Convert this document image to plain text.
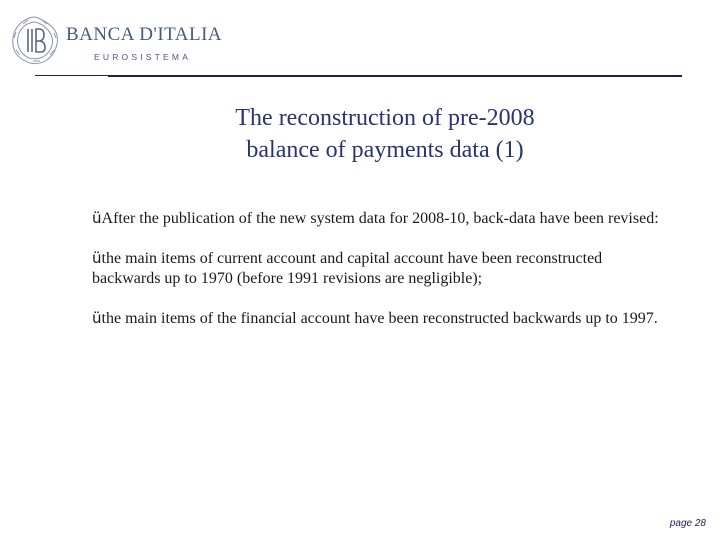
BANCA D'ITALIA
EUROSISTEMA
The reconstruction of pre-2008
balance of payments data (1)

üAfter the publication of the new system data for 2008-10, back-data have been revised:

üthe main items of current account and capital account have been reconstructed backwards up to 1970 (before 1991 revisions are negligible);

üthe main items of the financial account have been reconstructed backwards up to 1997.

page 28
